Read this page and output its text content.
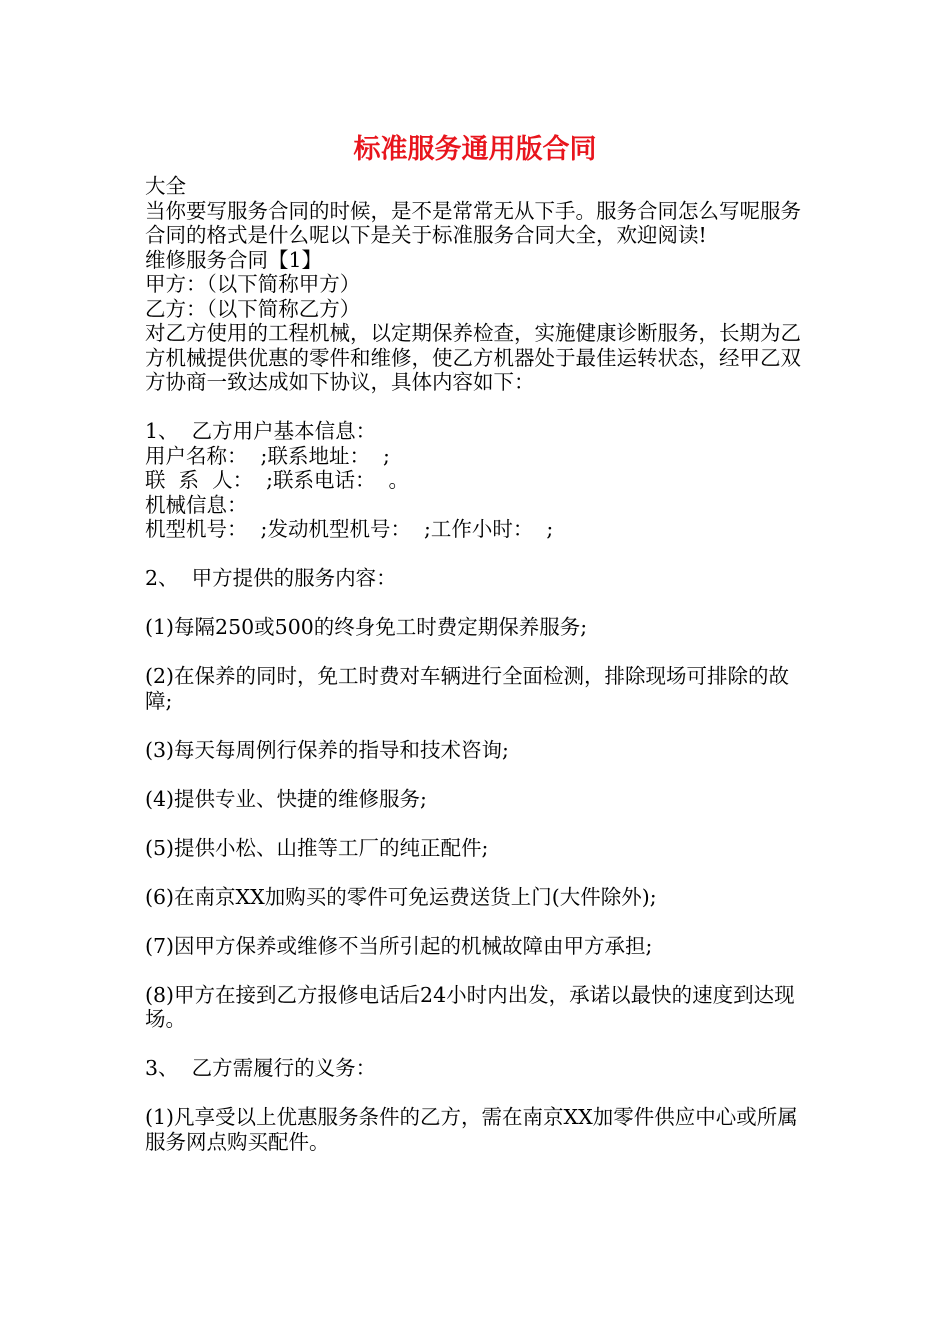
标准服务通用版合同

大全

当你要写服务合同的时候，是不是常常无从下手。服务合同怎么写呢服务合同的格式是什么呢以下是关于标准服务合同大全，欢迎阅读!

维修服务合同【1】

甲方：（以下简称甲方）

乙方：（以下简称乙方）

对乙方使用的工程机械，以定期保养检查，实施健康诊断服务，长期为乙方机械提供优惠的零件和维修，使乙方机器处于最佳运转状态，经甲乙双方协商一致达成如下协议，具体内容如下：

1、  乙方用户基本信息：

用户名称：  ;联系地址：  ;

联  系  人：  ;联系电话：  。

机械信息：

机型机号：  ;发动机型机号：  ;工作小时：  ;

2、  甲方提供的服务内容：

(1)每隔250或500的终身免工时费定期保养服务;

(2)在保养的同时，免工时费对车辆进行全面检测，排除现场可排除的故障;

(3)每天每周例行保养的指导和技术咨询;

(4)提供专业、快捷的维修服务;

(5)提供小松、山推等工厂的纯正配件;

(6)在南京XX加购买的零件可免运费送货上门(大件除外);

(7)因甲方保养或维修不当所引起的机械故障由甲方承担;

(8)甲方在接到乙方报修电话后24小时内出发，承诺以最快的速度到达现场。

3、  乙方需履行的义务：

(1)凡享受以上优惠服务条件的乙方，需在南京XX加零件供应中心或所属服务网点购买配件。
